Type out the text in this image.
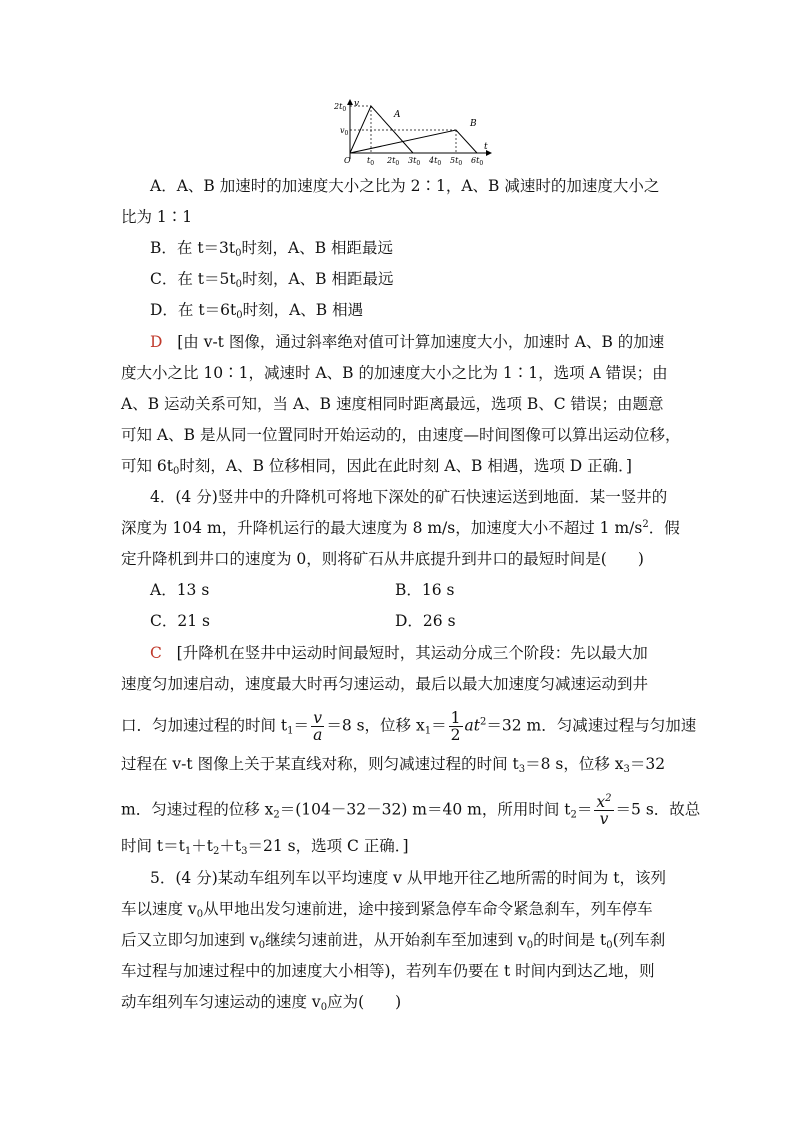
v
t
$2t_0$
$v_0$
O $t_0$ $2t_0$ $3t_0$ $4t_0$ $5t_0$ $6t_0$
A
B
A．A、B 加速时的加速度大小之比为 2∶1，A、B 减速时的加速度大小之
比为 1∶1
B．在 $t=3t_0$时刻，A、B 相距最远
C．在 $t=5t_0$时刻，A、B 相距最远
D．在 $t=6t_0$时刻，A、B 相遇
D [由 v-t 图像，通过斜率绝对值可计算加速度大小，加速时 A、B 的加速
度大小之比 10∶1，减速时 A、B 的加速度大小之比为 1∶1，选项 A 错误；由
A、B 运动关系可知，当 A、B 速度相同时距离最远，选项 B、C 错误；由题意
可知 A、B 是从同一位置同时开始运动的，由速度—时间图像可以算出运动位移，
可知 $6t_0$时刻，A、B 位移相同，因此在此时刻 A、B 相遇，选项 D 正确．]
4．(4 分)竖井中的升降机可将地下深处的矿石快速运送到地面．某一竖井的
深度为 104 m，升降机运行的最大速度为 8 m/s，加速度大小不超过 1 $m/s^2$．假
定升降机到井口的速度为 0，则将矿石从井底提升到井口的最短时间是(　　)
A．13 s	B．16 s
C．21 s	D．26 s
C [升降机在竖井中运动时间最短时，其运动分成三个阶段：先以最大加
速度匀加速启动，速度最大时再匀速运动，最后以最大加速度匀减速运动到井
口．匀加速过程的时间 $t_1= \frac{v}{a} =8$ s，位移 $x_1= \frac{1}{2} at^2=32$ m．匀减速过程与匀加速
过程在 v-t 图像上关于某直线对称，则匀减速过程的时间 $t_3=8$ s，位移 $x_3=32$
m．匀速过程的位移 $x_2=(104-32-32)$ m＝40 m，所用时间 $t_2= \frac{x^2}{v} =5$ s．故总
时间 $t=t_1+t_2+t_3=21$ s，选项 C 正确．]
5．(4 分)某动车组列车以平均速度 v 从甲地开往乙地所需的时间为 t，该列
车以速度 $v_0$从甲地出发匀速前进，途中接到紧急停车命令紧急刹车，列车停车
后又立即匀加速到 $v_0$继续匀速前进，从开始刹车至加速到 $v_0$的时间是 $t_0$(列车刹
车过程与加速过程中的加速度大小相等)，若列车仍要在 t 时间内到达乙地，则
动车组列车匀速运动的速度 $v_0$应为(　　)
